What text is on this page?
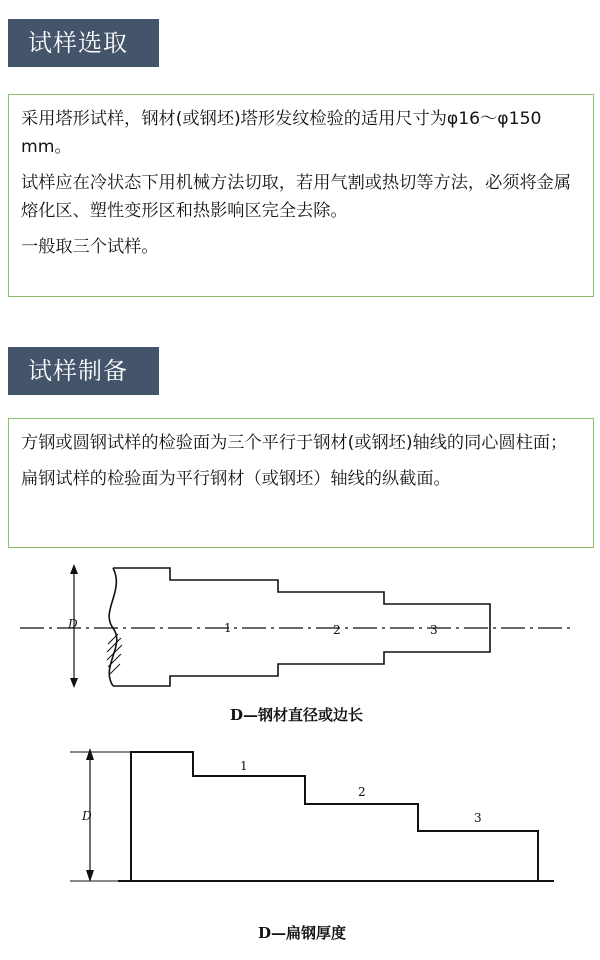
试样选取

采用塔形试样，钢材(或钢坯)塔形发纹检验的适用尺寸为φ16～φ150 mm。

试样应在冷状态下用机械方法切取，若用气割或热切等方法，必须将金属熔化区、塑性变形区和热影响区完全去除。

一般取三个试样。

试样制备

方钢或圆钢试样的检验面为三个平行于钢材(或钢坯)轴线的同心圆柱面；

扁钢试样的检验面为平行钢材（或钢坯）轴线的纵截面。

D	1	2	3
D—钢材直径或边长
D
1
2
3
D—扁钢厚度
